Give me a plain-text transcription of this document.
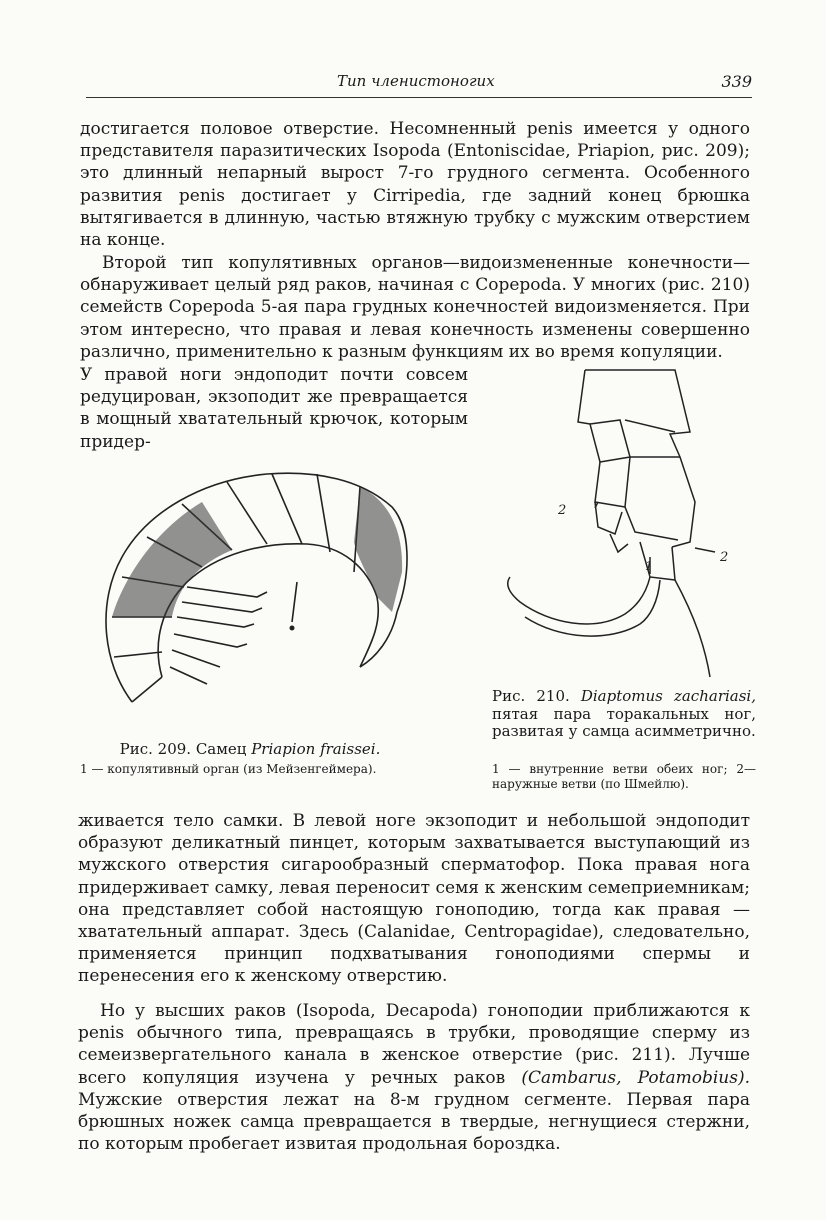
Тип членистоногих	339

достигается половое отверстие. Несомненный penis имеется у одного представителя паразитических Isopoda (Entoniscidae, Priapion, рис. 209); это длинный непарный вырост 7-го грудного сегмента. Особенного развития penis достигает у Cirripedia, где задний конец брюшка вытягивается в длинную, частью втяжную трубку с мужским отверстием на конце.

Второй тип копулятивных органов—видоизмененные конечности—обнаруживает целый ряд раков, начиная с Copepoda. У многих (рис. 210) семейств Copepoda 5-ая пара грудных конечностей видоизменяется. При этом интересно, что правая и левая конечность изменены совершенно различно, применительно к разным функциям их во время копуляции.

У правой ноги эндоподит почти совсем редуцирован, экзоподит же превращается в мощный хватательный крючок, которым придер-

1
2
2

Рис. 210. Diaptomus zachariasi, пятая пара торакальных ног, развитая у самца асимметрично.

1 — внутренние ветви обеих ног; 2—наружные ветви (по Шмейлю).

Рис. 209. Самец Priapion fraissei.

1 — копулятивный орган (из Мейзенгеймера).

живается тело самки. В левой ноге экзоподит и небольшой эндоподит образуют деликатный пинцет, которым захватывается выступающий из мужского отверстия сигарообразный сперматофор. Пока правая нога придерживает самку, левая переносит семя к женским семеприемникам; она представляет собой настоящую гоноподию, тогда как правая — хватательный аппарат. Здесь (Calanidae, Centropagidae), следовательно, применяется принцип подхватывания гоноподиями спермы и перенесения его к женскому отверстию.

Но у высших раков (Isopoda, Decapoda) гоноподии приближаются к penis обычного типа, превращаясь в трубки, проводящие сперму из семеизвергательного канала в женское отверстие (рис. 211). Лучше всего копуляция изучена у речных раков (Cambarus, Potamobius). Мужские отверстия лежат на 8-м грудном сегменте. Первая пара брюшных ножек самца превращается в твердые, негнущиеся стержни, по которым пробегает извитая продольная бороздка.
